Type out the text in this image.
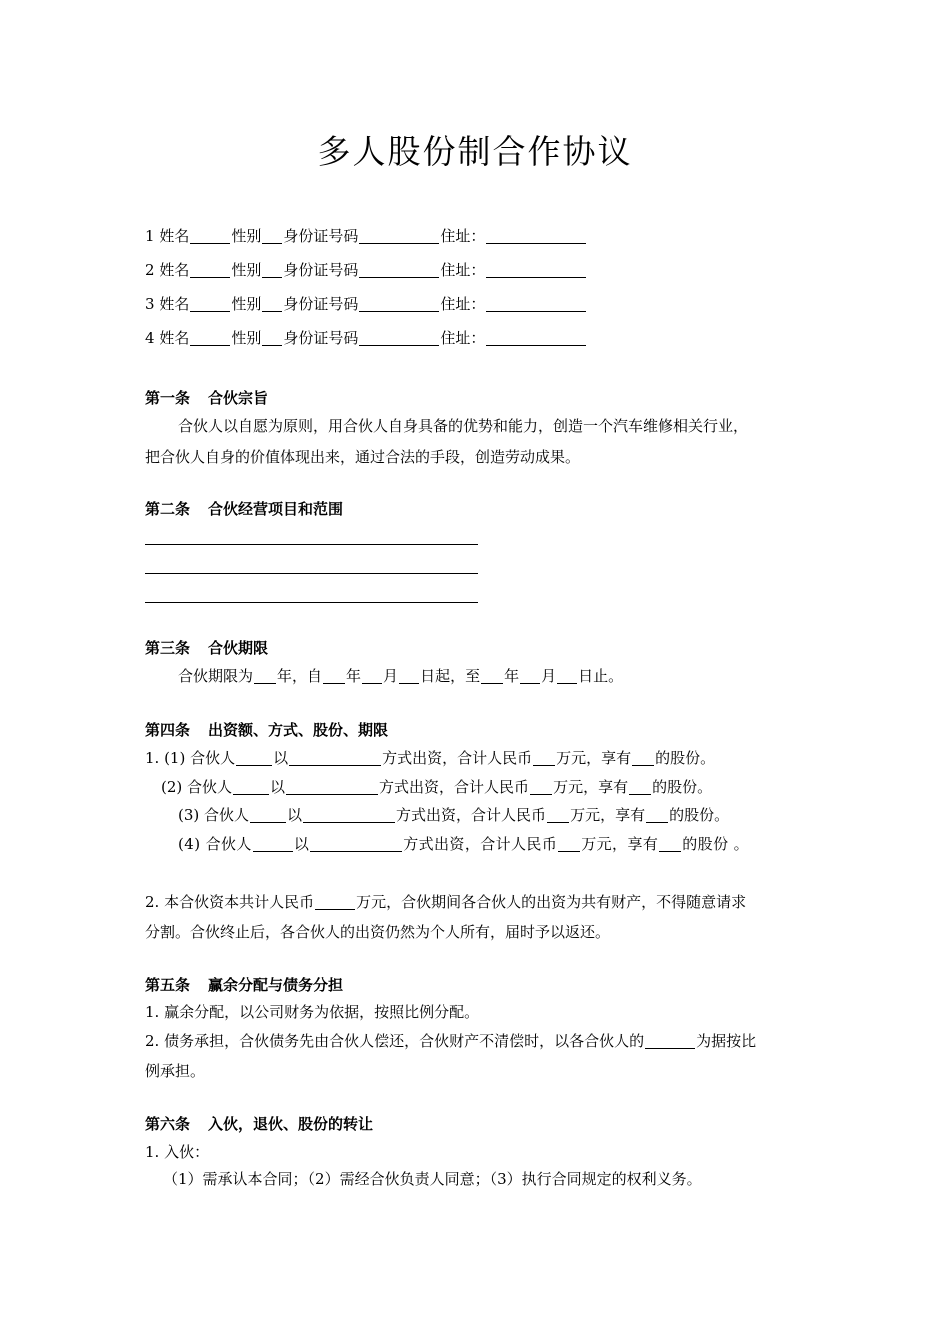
多人股份制合作协议
1 姓名	性别 身份证号码	住址：
2 姓名	性别 身份证号码	住址：
3 姓名	性别 身份证号码	住址：
4 姓名	性别 身份证号码	住址：
第一条 合伙宗旨
合伙人以自愿为原则，用合伙人自身具备的优势和能力，创造一个汽车维修相关行业，
把合伙人自身的价值体现出来，通过合法的手段，创造劳动成果。
第二条 合伙经营项目和范围
第三条 合伙期限
合伙期限为 年，自 年 月 日起，至 年 月 日止。
第四条 出资额、方式、股份、期限
1. (1) 合伙人	以	方式出资，合计人民币 万元，享有 的股份。
(2) 合伙人	以	方式出资，合计人民币 万元，享有 的股份。
(3) 合伙人	以	方式出资，合计人民币 万元，享有 的股份。
(4) 合伙人	以	方式出资，合计人民币 万元，享有 的股份 。
2. 本合伙资本共计人民币	万元，合伙期间各合伙人的出资为共有财产，不得随意请求
分割。合伙终止后，各合伙人的出资仍然为个人所有，届时予以返还。
第五条 赢余分配与债务分担
1. 赢余分配，以公司财务为依据，按照比例分配。
2. 债务承担，合伙债务先由合伙人偿还，合伙财产不清偿时，以各合伙人的	为据按比
例承担。
第六条 入伙，退伙、股份的转让
1. 入伙：
（1）需承认本合同；（2）需经合伙负责人同意；（3）执行合同规定的权利义务。
